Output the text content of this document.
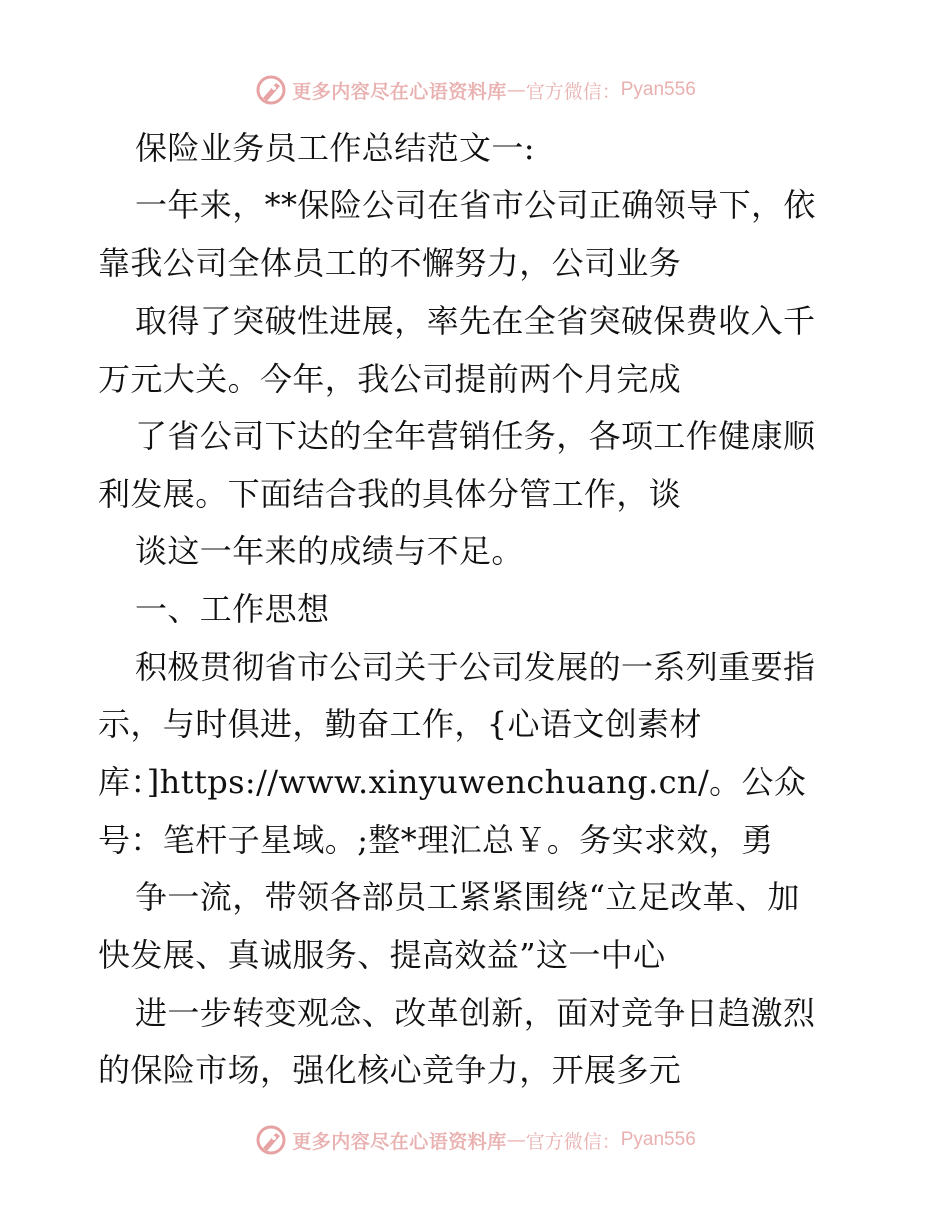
更多内容尽在心语资料库 — 官方微信： Pyan556
保险业务员工作总结范文一:
一年来，**保险公司在省市公司正确领导下，依
靠我公司全体员工的不懈努力，公司业务
取得了突破性进展，率先在全省突破保费收入千
万元大关。今年，我公司提前两个月完成
了省公司下达的全年营销任务，各项工作健康顺
利发展。下面结合我的具体分管工作，谈
谈这一年来的成绩与不足。
一、工作思想
积极贯彻省市公司关于公司发展的一系列重要指
示，与时俱进，勤奋工作，{心语文创素材
库：]https://www.xinyuwenchuang.cn/。公众
号：笔杆子星域。;整*理汇总￥。务实求效，勇
争一流，带领各部员工紧紧围绕“立足改革、加
快发展、真诚服务、提高效益”这一中心
进一步转变观念、改革创新，面对竞争日趋激烈
的保险市场，强化核心竞争力，开展多元
更多内容尽在心语资料库 — 官方微信： Pyan556
